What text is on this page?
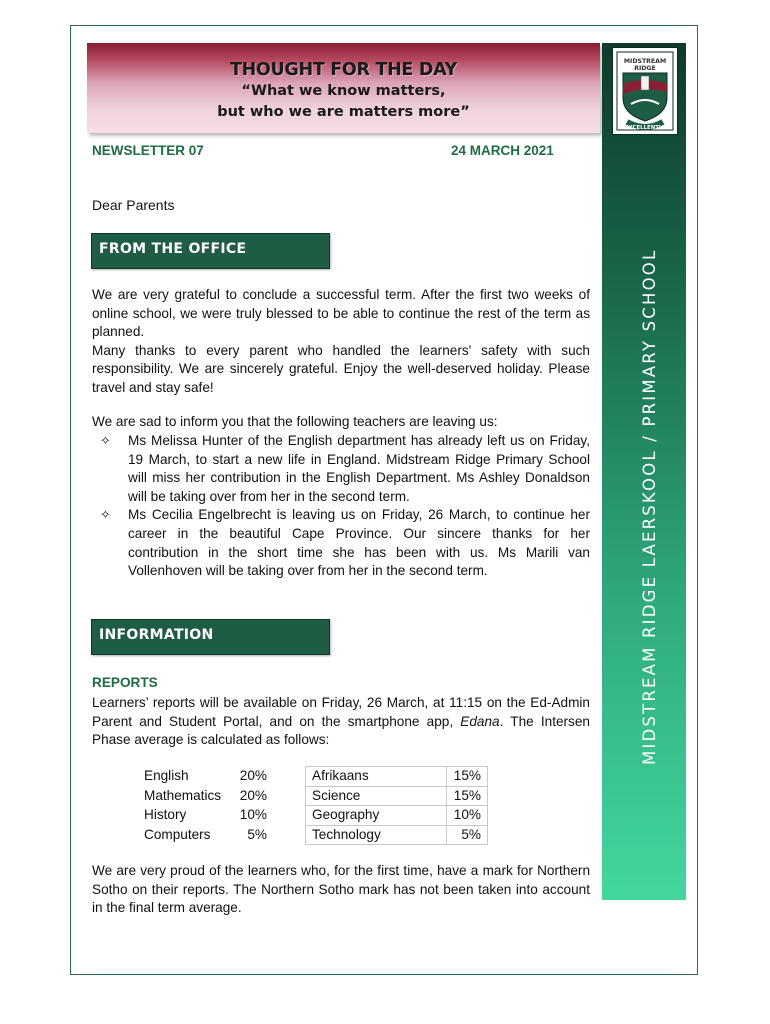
THOUGHT FOR THE DAY
“What we know matters,
but who we are matters more”
MIDSTREAM
RIDGE
EXCELLENTIA
MIDSTREAM RIDGE LAERSKOOL / PRIMARY SCHOOL
NEWSLETTER 07	24 MARCH 2021
Dear Parents
FROM THE OFFICE

We are very grateful to conclude a successful term. After the first two weeks of online school, we were truly blessed to be able to continue the rest of the term as planned.

Many thanks to every parent who handled the learners' safety with such responsibility. We are sincerely grateful. Enjoy the well-deserved holiday. Please travel and stay safe!

We are sad to inform you that the following teachers are leaving us:

✧ Ms Melissa Hunter of the English department has already left us on Friday, 19 March, to start a new life in England. Midstream Ridge Primary School will miss her contribution in the English Department. Ms Ashley Donaldson will be taking over from her in the second term.
✧ Ms Cecilia Engelbrecht is leaving us on Friday, 26 March, to continue her career in the beautiful Cape Province. Our sincere thanks for her contribution in the short time she has been with us. Ms Marili van Vollenhoven will be taking over from her in the second term.
INFORMATION
REPORTS

Learners’ reports will be available on Friday, 26 March, at 11:15 on the Ed-Admin Parent and Student Portal, and on the smartphone app, Edana. The Intersen Phase average is calculated as follows:

English	20%		Afrikaans	15%
Mathematics	20%		Science	15%
History	10%		Geography	10%
Computers	5%		Technology	5%

We are very proud of the learners who, for the first time, have a mark for Northern Sotho on their reports. The Northern Sotho mark has not been taken into account in the final term average.
